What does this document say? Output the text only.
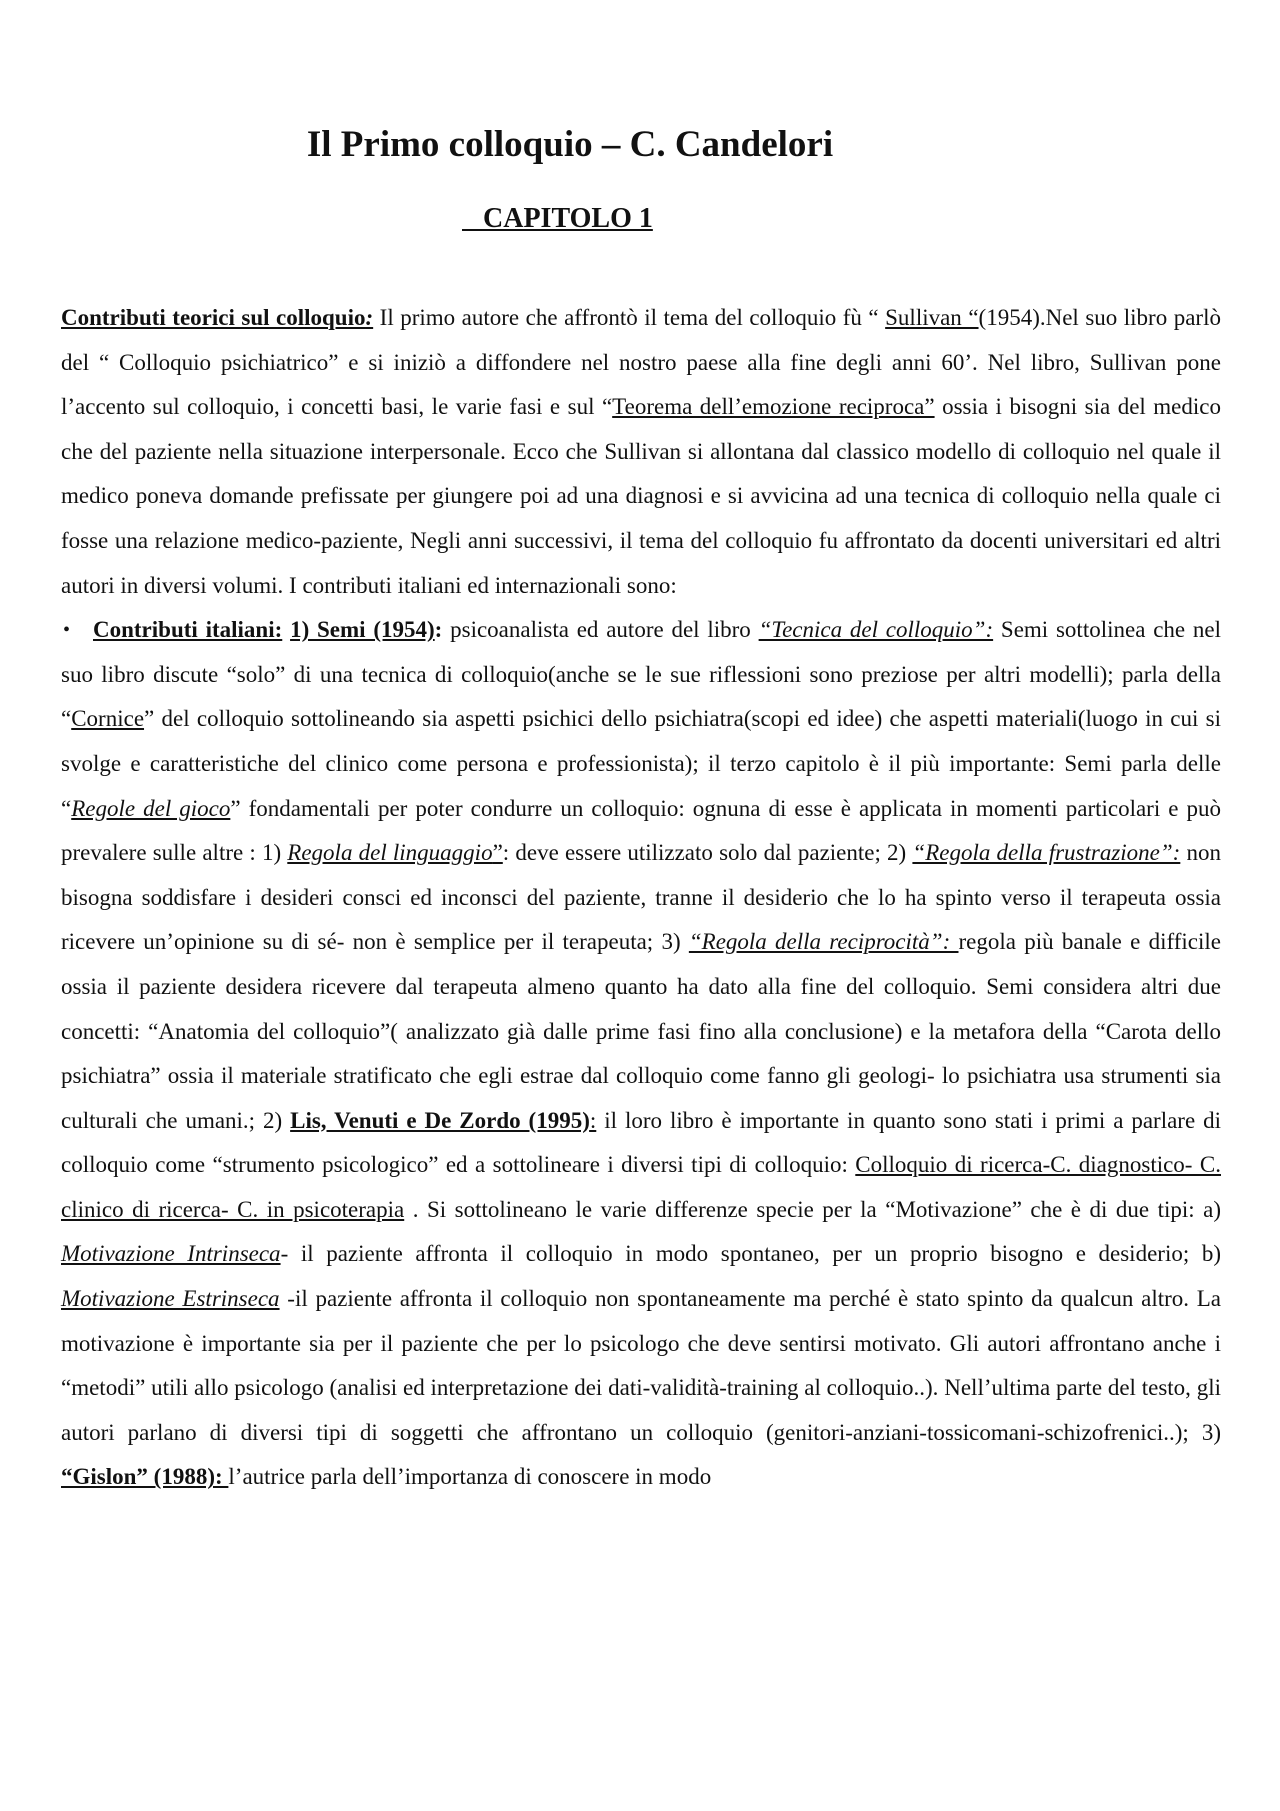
Il Primo colloquio – C. Candelori
CAPITOLO 1

Contributi teorici sul colloquio: Il primo autore che affrontò il tema del colloquio fù “ Sullivan “(1954).Nel suo libro parlò del “ Colloquio psichiatrico” e si iniziò a diffondere nel nostro paese alla fine degli anni 60’. Nel libro, Sullivan pone l’accento sul colloquio, i concetti basi, le varie fasi e sul “Teorema dell’emozione reciproca” ossia i bisogni sia del medico che del paziente nella situazione interpersonale. Ecco che Sullivan si allontana dal classico modello di colloquio nel quale il medico poneva domande prefissate per giungere poi ad una diagnosi e si avvicina ad una tecnica di colloquio nella quale ci fosse una relazione medico-paziente, Negli anni successivi, il tema del colloquio fu affrontato da docenti universitari ed altri autori in diversi volumi. I contributi italiani ed internazionali sono:

• Contributi italiani: 1) Semi (1954): psicoanalista ed autore del libro “Tecnica del colloquio”: Semi sottolinea che nel suo libro discute “solo” di una tecnica di colloquio(anche se le sue riflessioni sono preziose per altri modelli); parla della “Cornice” del colloquio sottolineando sia aspetti psichici dello psichiatra(scopi ed idee) che aspetti materiali(luogo in cui si svolge e caratteristiche del clinico come persona e professionista); il terzo capitolo è il più importante: Semi parla delle “Regole del gioco” fondamentali per poter condurre un colloquio: ognuna di esse è applicata in momenti particolari e può prevalere sulle altre : 1) Regola del linguaggio”: deve essere utilizzato solo dal paziente; 2) “Regola della frustrazione”: non bisogna soddisfare i desideri consci ed inconsci del paziente, tranne il desiderio che lo ha spinto verso il terapeuta ossia ricevere un’opinione su di sé- non è semplice per il terapeuta; 3) “Regola della reciprocità”: regola più banale e difficile ossia il paziente desidera ricevere dal terapeuta almeno quanto ha dato alla fine del colloquio. Semi considera altri due concetti: “Anatomia del colloquio”( analizzato già dalle prime fasi fino alla conclusione) e la metafora della “Carota dello psichiatra” ossia il materiale stratificato che egli estrae dal colloquio come fanno gli geologi- lo psichiatra usa strumenti sia culturali che umani.; 2) Lis, Venuti e De Zordo (1995): il loro libro è importante in quanto sono stati i primi a parlare di colloquio come “strumento psicologico” ed a sottolineare i diversi tipi di colloquio: Colloquio di ricerca-C. diagnostico- C. clinico di ricerca- C. in psicoterapia . Si sottolineano le varie differenze specie per la “Motivazione” che è di due tipi: a) Motivazione Intrinseca- il paziente affronta il colloquio in modo spontaneo, per un proprio bisogno e desiderio; b) Motivazione Estrinseca -il paziente affronta il colloquio non spontaneamente ma perché è stato spinto da qualcun altro. La motivazione è importante sia per il paziente che per lo psicologo che deve sentirsi motivato. Gli autori affrontano anche i “metodi” utili allo psicologo (analisi ed interpretazione dei dati-validità-training al colloquio..). Nell’ultima parte del testo, gli autori parlano di diversi tipi di soggetti che affrontano un colloquio (genitori-anziani-tossicomani-schizofrenici..); 3) “Gislon” (1988): l’autrice parla dell’importanza di conoscere in modo
